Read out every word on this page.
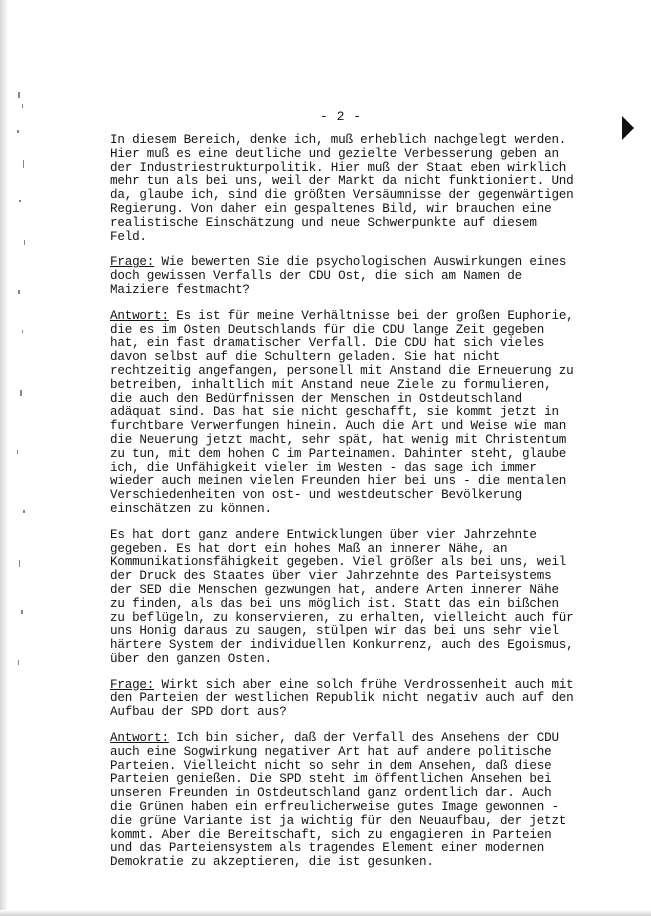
- 2 -

In diesem Bereich, denke ich, muß erheblich nachgelegt werden.
Hier muß es eine deutliche und gezielte Verbesserung geben an
der Industriestrukturpolitik. Hier muß der Staat eben wirklich
mehr tun als bei uns, weil der Markt da nicht funktioniert. Und
da, glaube ich, sind die größten Versäumnisse der gegenwärtigen
Regierung. Von daher ein gespaltenes Bild, wir brauchen eine
realistische Einschätzung und neue Schwerpunkte auf diesem Feld.

Frage: Wie bewerten Sie die psychologischen Auswirkungen eines
doch gewissen Verfalls der CDU Ost, die sich am Namen de
Maiziere festmacht?

Antwort: Es ist für meine Verhältnisse bei der großen Euphorie,
die es im Osten Deutschlands für die CDU lange Zeit gegeben
hat, ein fast dramatischer Verfall. Die CDU hat sich vieles
davon selbst auf die Schultern geladen. Sie hat nicht
rechtzeitig angefangen, personell mit Anstand die Erneuerung zu
betreiben, inhaltlich mit Anstand neue Ziele zu formulieren,
die auch den Bedürfnissen der Menschen in Ostdeutschland
adäquat sind. Das hat sie nicht geschafft, sie kommt jetzt in
furchtbare Verwerfungen hinein. Auch die Art und Weise wie man
die Neuerung jetzt macht, sehr spät, hat wenig mit Christentum
zu tun, mit dem hohen C im Parteinamen. Dahinter steht, glaube
ich, die Unfähigkeit vieler im Westen - das sage ich immer
wieder auch meinen vielen Freunden hier bei uns - die mentalen
Verschiedenheiten von ost- und westdeutscher Bevölkerung
einschätzen zu können.

Es hat dort ganz andere Entwicklungen über vier Jahrzehnte
gegeben. Es hat dort ein hohes Maß an innerer Nähe, an
Kommunikationsfähigkeit gegeben. Viel größer als bei uns, weil
der Druck des Staates über vier Jahrzehnte des Parteisystems
der SED die Menschen gezwungen hat, andere Arten innerer Nähe
zu finden, als das bei uns möglich ist. Statt das ein bißchen
zu beflügeln, zu konservieren, zu erhalten, vielleicht auch für
uns Honig daraus zu saugen, stülpen wir das bei uns sehr viel
härtere System der individuellen Konkurrenz, auch des Egoismus,
über den ganzen Osten.

Frage: Wirkt sich aber eine solch frühe Verdrossenheit auch mit
den Parteien der westlichen Republik nicht negativ auch auf den
Aufbau der SPD dort aus?

Antwort: Ich bin sicher, daß der Verfall des Ansehens der CDU
auch eine Sogwirkung negativer Art hat auf andere politische
Parteien. Vielleicht nicht so sehr in dem Ansehen, daß diese
Parteien genießen. Die SPD steht im öffentlichen Ansehen bei
unseren Freunden in Ostdeutschland ganz ordentlich dar. Auch
die Grünen haben ein erfreulicherweise gutes Image gewonnen -
die grüne Variante ist ja wichtig für den Neuaufbau, der jetzt
kommt. Aber die Bereitschaft, sich zu engagieren in Parteien
und das Parteiensystem als tragendes Element einer modernen
Demokratie zu akzeptieren, die ist gesunken.
